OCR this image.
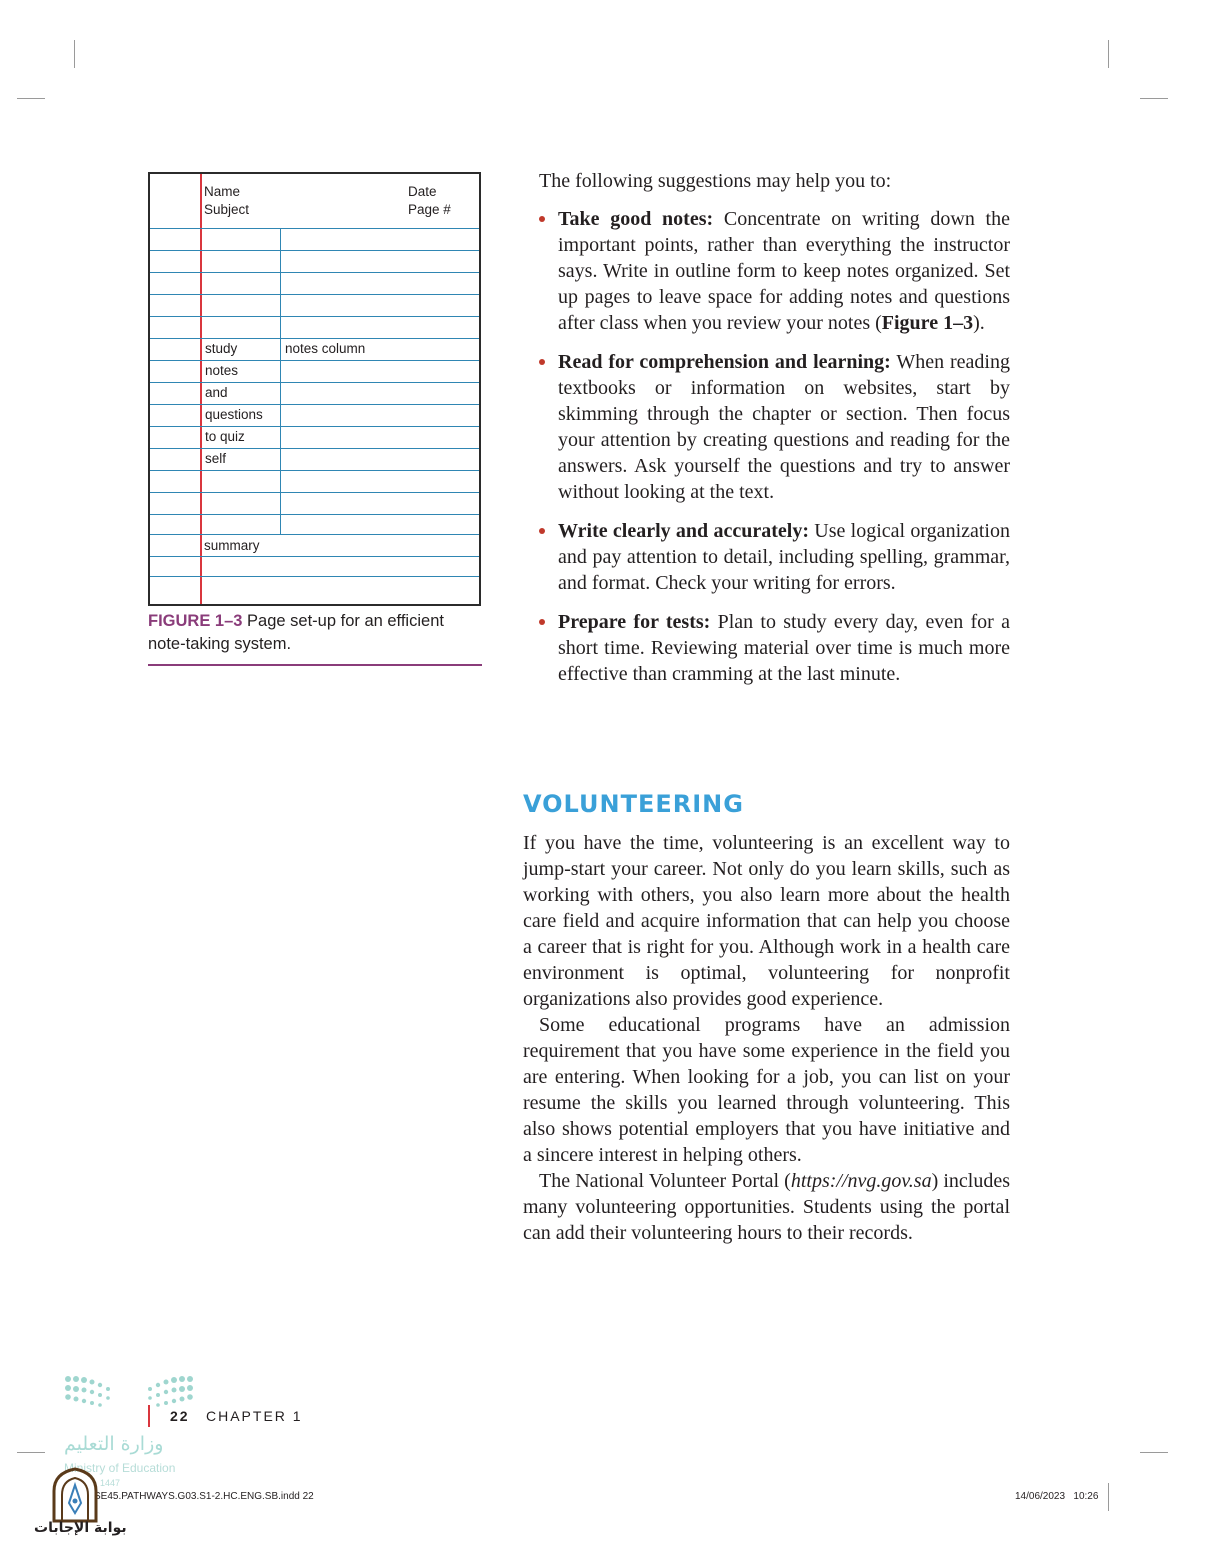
Name
Subject
Date
Page #
study
notes
and
questions
to quiz
self
notes column
summary
FIGURE 1–3 Page set-up for an efficient note-taking system.

The following suggestions may help you to:

Take good notes: Concentrate on writing down the important points, rather than everything the instructor says. Write in outline form to keep notes organized. Set up pages to leave space for adding notes and questions after class when you review your notes (Figure 1–3).
Read for comprehension and learning: When reading textbooks or information on websites, start by skimming through the chapter or section. Then focus your attention by creating questions and reading for the answers. Ask yourself the questions and try to answer without looking at the text.
Write clearly and accurately: Use logical organization and pay attention to detail, including spelling, grammar, and format. Check your writing for errors.
Prepare for tests: Plan to study every day, even for a short time. Reviewing material over time is much more effective than cramming at the last minute.
VOLUNTEERING

If you have the time, volunteering is an excellent way to jump-start your career. Not only do you learn skills, such as working with others, you also learn more about the health care field and acquire information that can help you choose a career that is right for you. Although work in a health care environment is optimal, volunteering for nonprofit organizations also provides good experience.

Some educational programs have an admission requirement that you have some experience in the field you are entering. When looking for a job, you can list on your resume the skills you learned through volunteering. This also shows potential employers that you have initiative and a sincere interest in helping others.

The National Volunteer Portal (https://nvg.gov.sa) includes many volunteering opportunities. Students using the portal can add their volunteering hours to their records.

22 CHAPTER 1
وزارة التعليم
Ministry of Education
1447
SE45.PATHWAYS.G03.S1-2.HC.ENG.SB.indd 22	14/06/2023   10:26
بوابة الإجابات
